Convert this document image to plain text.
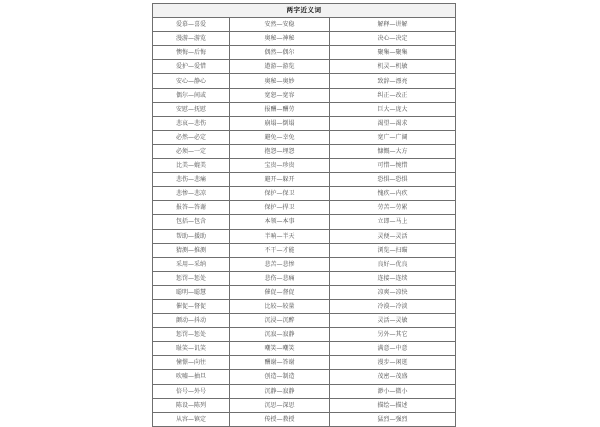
两字近义词		
爱慕—喜爱	安然—安稳	解释—讲解
漫游—游览	奥秘—神秘	决心—决定
懊悔—后悔	偶然—偶尔	聚集—聚集
爱护—爱惜	遨游—游览	机灵—机敏
安心—静心	奥秘—奥妙	致辞—漂亮
偶尔—间或	宽恕—宽容	纠正—改正
安慰—抚慰	报酬—酬劳	巨大—庞大
悲哀—悲伤	崩塌—倒塌	渴望—渴求
必然—必定	避免—幸免	宽广—广阔
必须—一定	抱怨—埋怨	慷慨—大方
比美—媲美	宝贵—珍贵	可惜—惋惜
悲伤—悲痛	避开—躲开	恐惧—恐惧
悲惨—悲凉	保护—保卫	愧疚—内疚
报答—答谢	保护—捍卫	劳苦—劳累
包括—包含	本领—本事	立即—马上
帮助—援助	半响—半天	灵便—灵活
猜测—推测	不干—才能	浏览—扫瞄
采用—采纳	悲苦—悲惨	良好—优良
惩罚—惩处	悲伤—悲痛	连接—连续
聪明—聪慧	催促—督促	凉爽—凉快
催促—督促	比较—较量	冷漠—冷淡
颤动—抖动	沉浸—沉醉	灵活—灵敏
惩罚—惩处	沉寂—寂静	另外—其它
耻笑—讥笑	嘲笑—嘲笑	满意—中意
憧憬—向往	酬谢—答谢	漫步—闲逛
吹嘘—抽旦	创造—制造	茂密—茂盛
倍号—外号	沉静—寂静	渺小—微小
陈设—陈列	沉思—深思	描绘—描述
从容—镇定	传授—教授	猛烈—强烈
